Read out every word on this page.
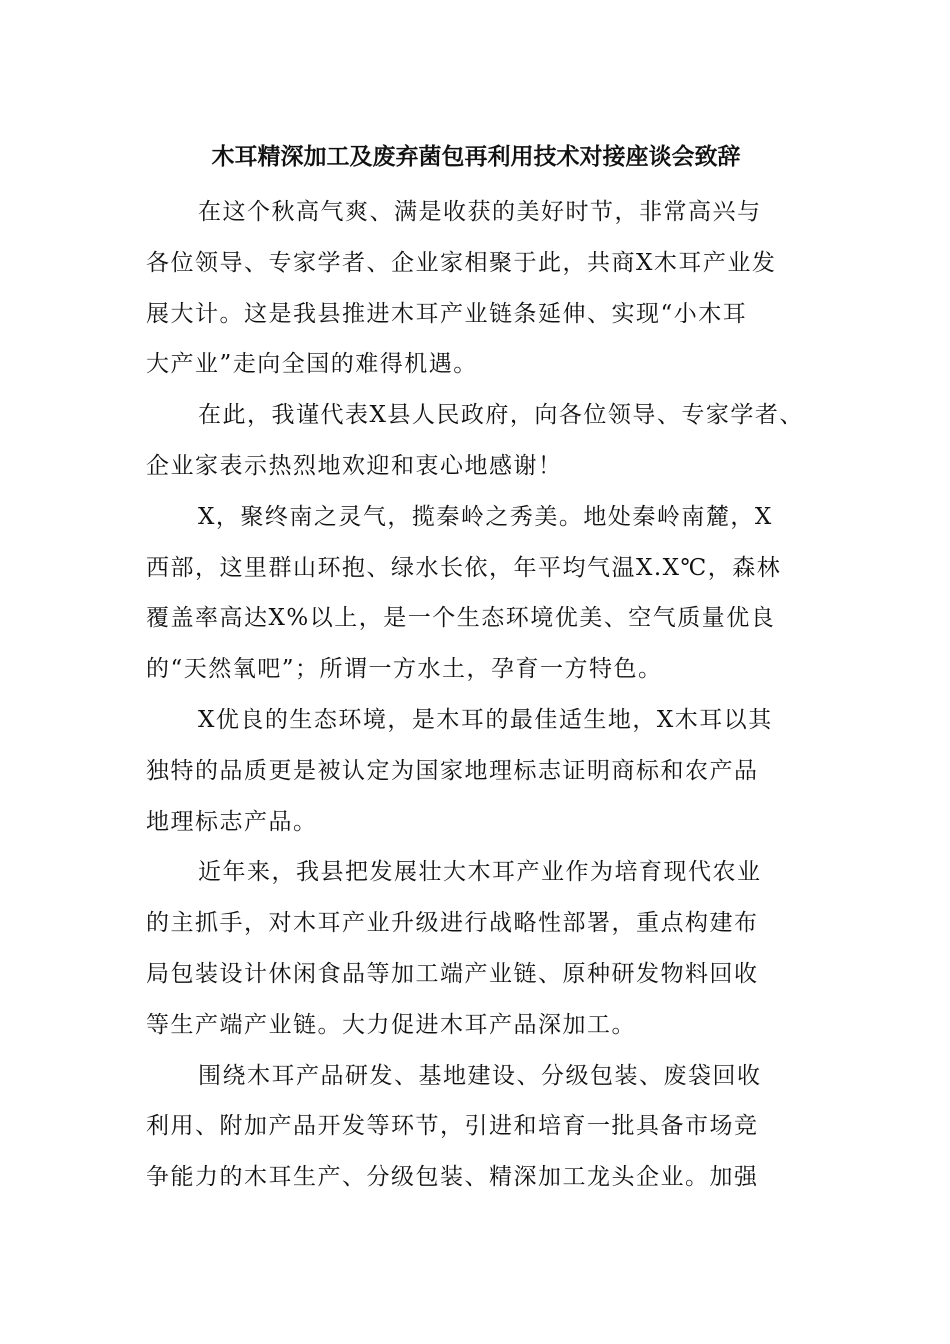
木耳精深加工及废弃菌包再利用技术对接座谈会致辞

在这个秋高气爽、满是收获的美好时节，非常高兴与
各位领导、专家学者、企业家相聚于此，共商X木耳产业发
展大计。这是我县推进木耳产业链条延伸、实现“小木耳
大产业”走向全国的难得机遇。

在此，我谨代表X县人民政府，向各位领导、专家学者、
企业家表示热烈地欢迎和衷心地感谢！

X，聚终南之灵气，揽秦岭之秀美。地处秦岭南麓，X
西部，这里群山环抱、绿水长依，年平均气温X.X℃，森林
覆盖率高达X%以上，是一个生态环境优美、空气质量优良
的“天然氧吧”；所谓一方水土，孕育一方特色。

X优良的生态环境，是木耳的最佳适生地，X木耳以其
独特的品质更是被认定为国家地理标志证明商标和农产品
地理标志产品。

近年来，我县把发展壮大木耳产业作为培育现代农业
的主抓手，对木耳产业升级进行战略性部署，重点构建布
局包装设计休闲食品等加工端产业链、原种研发物料回收
等生产端产业链。大力促进木耳产品深加工。

围绕木耳产品研发、基地建设、分级包装、废袋回收
利用、附加产品开发等环节，引进和培育一批具备市场竞
争能力的木耳生产、分级包装、精深加工龙头企业。加强
